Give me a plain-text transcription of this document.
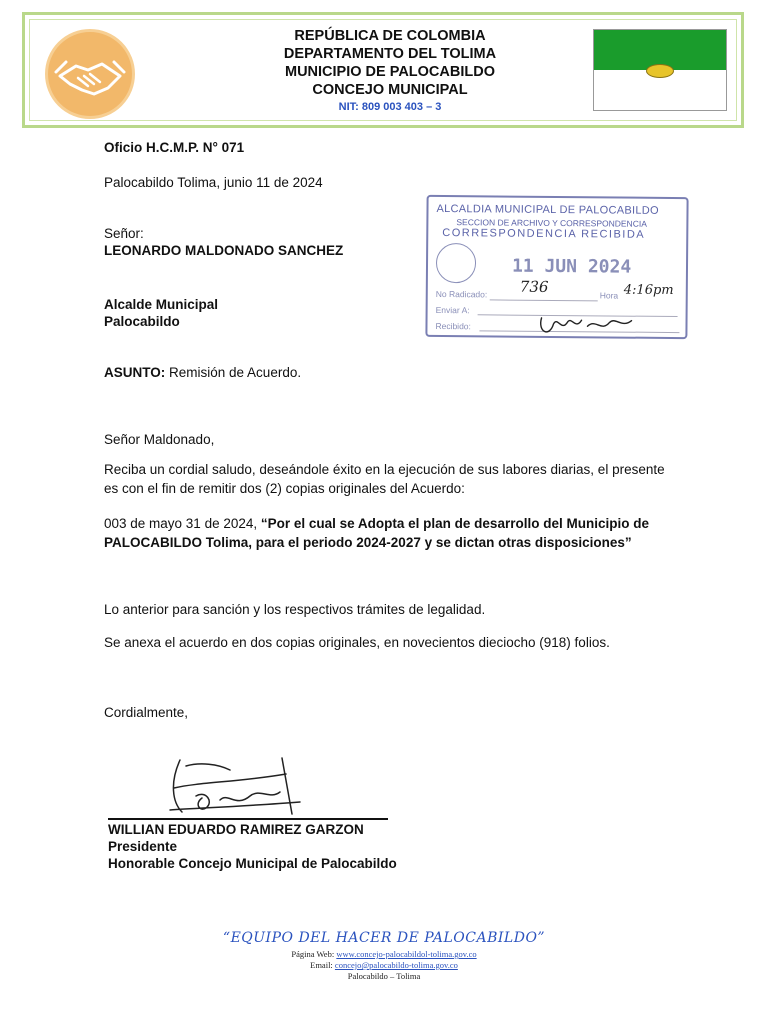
REPÚBLICA DE COLOMBIA
DEPARTAMENTO DEL TOLIMA
MUNICIPIO DE PALOCABILDO
CONCEJO MUNICIPAL
NIT: 809 003 403 – 3
Oficio H.C.M.P. N° 071
Palocabildo Tolima, junio 11 de 2024
Señor:
LEONARDO MALDONADO SANCHEZ
Alcalde Municipal
Palocabildo
ASUNTO: Remisión de Acuerdo.
Señor Maldonado,
Reciba un cordial saludo, deseándole éxito en la ejecución de sus labores diarias, el presente es con el fin de remitir dos (2) copias originales del Acuerdo:
003 de mayo 31 de 2024, “Por el cual se Adopta el plan de desarrollo del Municipio de PALOCABILDO Tolima, para el periodo 2024-2027 y se dictan otras disposiciones”
Lo anterior para sanción y los respectivos trámites de legalidad.
Se anexa el acuerdo en dos copias originales, en novecientos dieciocho (918) folios.
Cordialmente,
WILLIAN EDUARDO RAMIREZ GARZON
Presidente
Honorable Concejo Municipal de Palocabildo
ALCALDIA MUNICIPAL DE PALOCABILDO
SECCION DE ARCHIVO Y CORRESPONDENCIA
CORRESPONDENCIA RECIBIDA
11 JUN 2024
No Radicado: 736	Hora 4:16pm
Enviar A:
Recibido:
“EQUIPO DEL HACER DE PALOCABILDO”
Página Web: www.concejo-palocabildol-tolima.gov.co
Email: concejo@palocabildo-tolima.gov.co
Palocabildo – Tolima
